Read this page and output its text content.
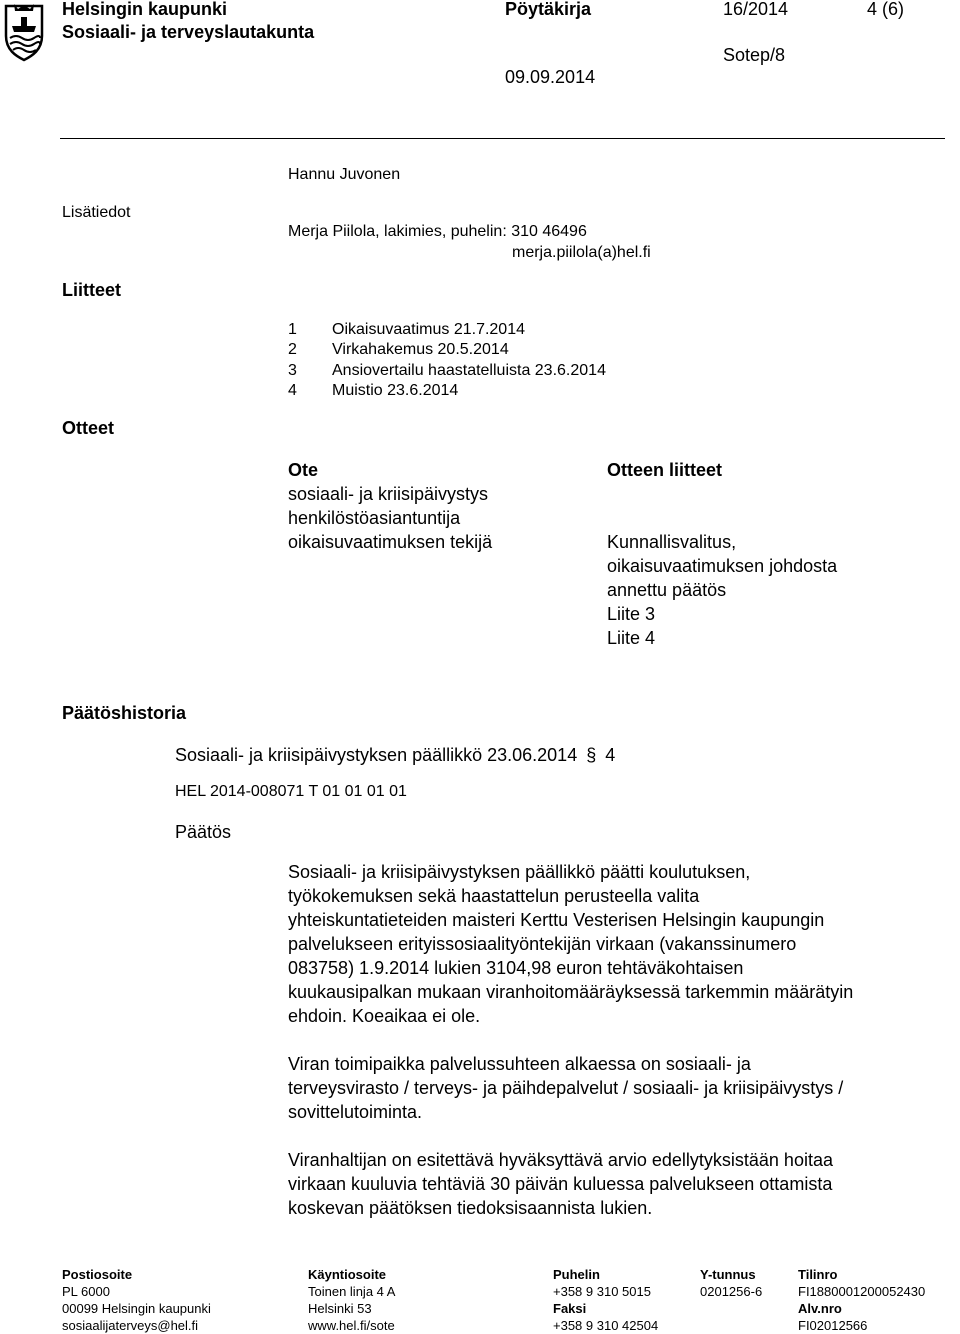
Helsingin kaupunki
Sosiaali- ja terveyslautakunta
Pöytäkirja	16/2014	4 (6)
Sotep/8
09.09.2014
Hannu Juvonen
Lisätiedot
Merja Piilola, lakimies, puhelin: 310 46496
merja.piilola(a)hel.fi
Liitteet
1 Oikaisuvaatimus 21.7.2014
2 Virkahakemus 20.5.2014
3 Ansiovertailu haastatelluista 23.6.2014
4 Muistio 23.6.2014
Otteet
Ote
sosiaali- ja kriisipäivystys
henkilöstöasiantuntija
oikaisuvaatimuksen tekijä
Otteen liitteet
Kunnallisvalitus,
oikaisuvaatimuksen johdosta
annettu päätös
Liite 3
Liite 4
Päätöshistoria
Sosiaali- ja kriisipäivystyksen päällikkö 23.06.2014 § 4
HEL 2014-008071 T 01 01 01 01
Päätös
Sosiaali- ja kriisipäivystyksen päällikkö päätti koulutuksen,
työkokemuksen sekä haastattelun perusteella valita
yhteiskuntatieteiden maisteri Kerttu Vesterisen Helsingin kaupungin
palvelukseen erityissosiaalityöntekijän virkaan (vakanssinumero
083758) 1.9.2014 lukien 3104,98 euron tehtäväkohtaisen
kuukausipalkan mukaan viranhoitomääräyksessä tarkemmin määrätyin
ehdoin. Koeaikaa ei ole.
Viran toimipaikka palvelussuhteen alkaessa on sosiaali- ja
terveysvirasto / terveys- ja päihdepalvelut / sosiaali- ja kriisipäivystys /
sovittelutoiminta.
Viranhaltijan on esitettävä hyväksyttävä arvio edellytyksistään hoitaa
virkaan kuuluvia tehtäviä 30 päivän kuluessa palvelukseen ottamista
koskevan päätöksen tiedoksisaannista lukien.
Postiosoite
PL 6000
00099 Helsingin kaupunki
sosiaalijaterveys@hel.fi
Käyntiosoite
Toinen linja 4 A
Helsinki 53
www.hel.fi/sote
Puhelin
+358 9 310 5015
Faksi
+358 9 310 42504
Y-tunnus
0201256-6
Tilinro
FI1880001200052430
Alv.nro
FI02012566
